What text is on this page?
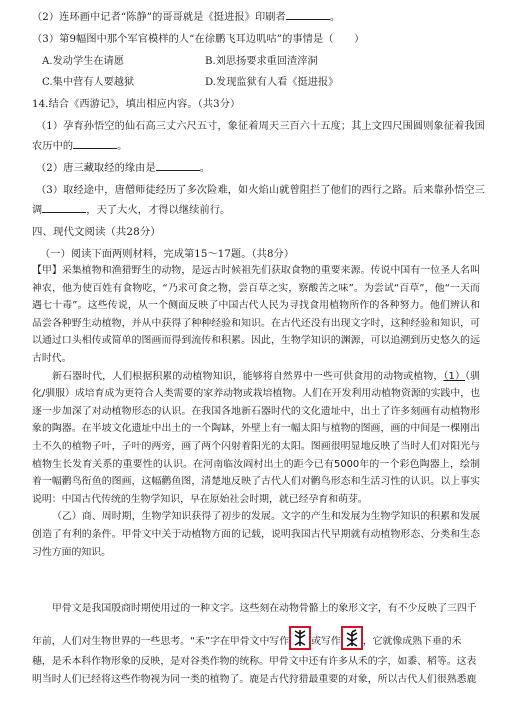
（2）连环画中记者“陈静”的哥哥就是《挺进报》印刷者	。
（3）第9幅图中那个军官模样的人“在徐鹏飞耳边叽咕”的事情是（　　）
A.发动学生在请愿	B.刘思扬要求重回渣滓洞
C.集中营有人要越狱	D.发现监狱有人看《挺进报》
14.结合《西游记》，填出相应内容。（共3分）
（1）孕育孙悟空的仙石高三丈六尺五寸，象征着周天三百六十五度；其上文四尺围圆则象征着我国
农历中的	。
（2）唐三藏取经的缘由是	。
（3）取经途中，唐僧师徒经历了多次险难，如火焰山就曾阻拦了他们的西行之路。后来靠孙悟空三
调	，天了大火，才得以继续前行。
四、现代文阅读（共28分）
（一）阅读下面两则材料，完成第15～17题。（共8分）

【甲】采集植物和渔猎野生的动物，是远古时候祖先们获取食物的重要来源。传说中国有一位圣人名叫神农，他为使百姓有食物吃，“乃求可食之物，尝百草之实，察酸苦之味”。为尝试“百草”，他“一天而遇七十毒”。这些传说，从一个侧面反映了中国古代人民为寻找食用植物所作的各种努力。他们辨认和品尝各种野生动植物，并从中获得了种种经验和知识。在古代还没有出现文字时，这种经验和知识，可以通过口头相传或简单的图画而得到流传和积累。因此，生物学知识的渊源，可以追溯到历史悠久的远古时代。

新石器时代，人们根据积累的动植物知识，能够将自然界中一些可供食用的动物或植物，（1）（驯化/驯服）成培育成为更符合人类需要的家养动物或栽培植物。人们在开发利用动植物资源的实践中，也逐一步加深了对动植物形态的认识。在我国各地新石器时代的文化遗址中，出土了许多刻画有动植物形象的陶器。在半坡文化遗址中出土的一个陶缽，外壁上有一幅太阳与植物的图画，画的中间是一棵刚出土不久的植物子叶，子叶的两旁，画了两个闪射着阳光的太阳。图画很明显地反映了当时人们对阳光与植物生长发育关系的重要性的认识。在河南临汝阎村出土的距今已有5000年的一个彩色陶器上，绘制着一幅鹳鸟衔鱼的图画，这幅鹳鱼图，清楚地反映了古代人们对鹳鸟形态和生活习性的认识。以上事实说明：中国古代传统的生物学知识，早在原始社会时期，就已经孕育和萌芽。

（乙）商、周时期，生物学知识获得了初步的发展。文字的产生和发展为生物学知识的积累和发展创造了有利的条件。甲骨文中关于动植物方面的记载，说明我国古代早期就有动植物形态、分类和生态习性方面的知识。

甲骨文是我国殷商时期使用过的一种文字。这些刻在动物骨骼上的象形文字，有不少反映了三四千

年前，人们对生物世界的一些思考。“禾”字在甲骨文中写作 或写作 ，它就像成熟下垂的禾

穗，是禾本科作物形象的反映，是对谷类作物的统称。甲骨文中还有许多从禾的字，如黍、稻等。这表

明当时人们已经将这些作物视为同一类的植物了。鹿是古代狩猎最重要的对象，所以古代人们很熟悉鹿
